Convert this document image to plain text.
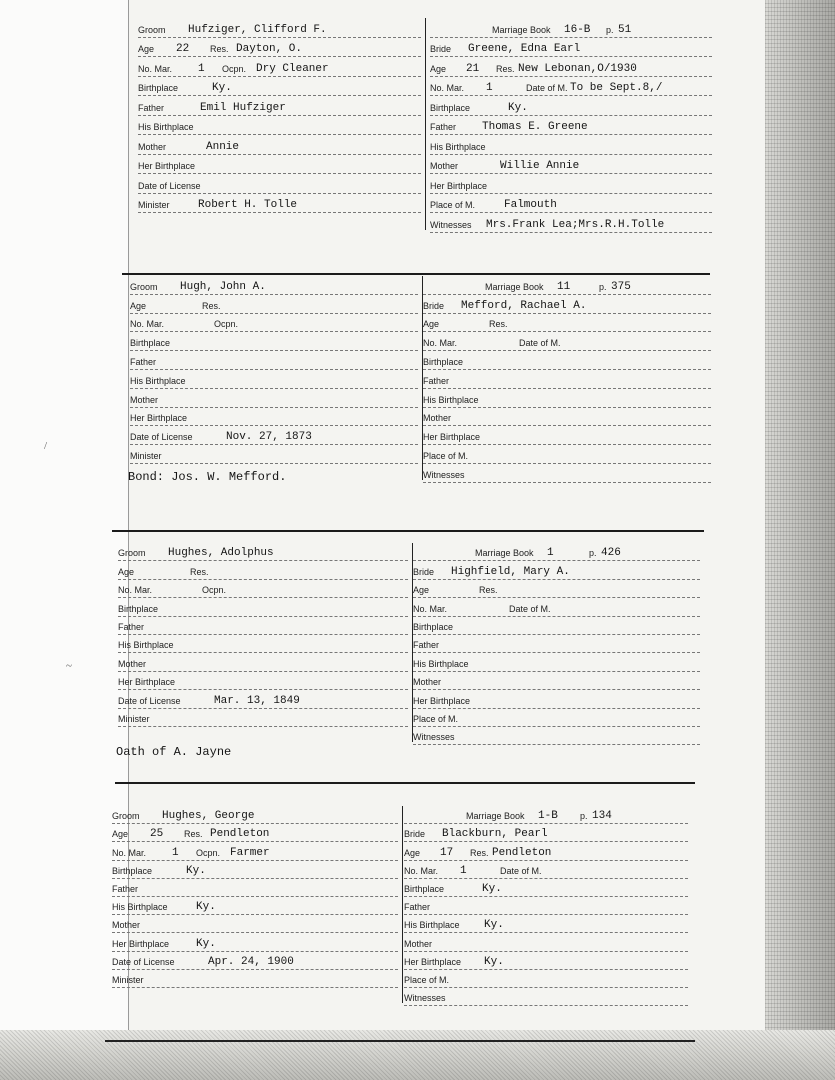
/
~
Groom Hufziger, Clifford F.
Age 22 Res. Dayton, O.
No. Mar. 1 Ocpn. Dry Cleaner
Birthplace	Ky.
Father	Emil Hufziger
His Birthplace
Mother	Annie
Her Birthplace
Date of License
Minister	Robert H. Tolle
Marriage Book 16-B p. 51
Bride Greene, Edna Earl
Age 21 Res. New Lebonan,O/1930
No. Mar. 1	Date of M. To be Sept.8,/
Birthplace	Ky.
Father Thomas E. Greene
His Birthplace
Mother	Willie Annie
Her Birthplace
Place of M.	Falmouth
Witnesses Mrs.Frank Lea;Mrs.R.H.Tolle
Groom Hugh, John A.
Age	Res.
No. Mar.	Ocpn.
Birthplace
Father
His Birthplace
Mother
Her Birthplace
Date of License	Nov. 27, 1873
Minister
Marriage Book 11	p. 375
Bride Mefford, Rachael A.
Age	Res.
No. Mar.	Date of M.
Birthplace
Father
His Birthplace
Mother
Her Birthplace
Place of M.
Witnesses
Bond: Jos. W. Mefford.
Groom Hughes, Adolphus
Age	Res.
No. Mar.	Ocpn.
Birthplace
Father
His Birthplace
Mother
Her Birthplace
Date of License	Mar. 13, 1849
Minister
Marriage Book 1	p. 426
Bride Highfield, Mary A.
Age	Res.
No. Mar.	Date of M.
Birthplace
Father
His Birthplace
Mother
Her Birthplace
Place of M.
Witnesses
Oath of A. Jayne
Groom Hughes, George
Age 25 Res. Pendleton
No. Mar. 1 Ocpn. Farmer
Birthplace	Ky.
Father
His Birthplace	Ky.
Mother
Her Birthplace Ky.
Date of License	Apr. 24, 1900
Minister
Marriage Book 1-B p. 134
Bride Blackburn, Pearl
Age 17 Res. Pendleton
No. Mar. 1	Date of M.
Birthplace	Ky.
Father
His Birthplace Ky.
Mother
Her Birthplace Ky.
Place of M.
Witnesses
